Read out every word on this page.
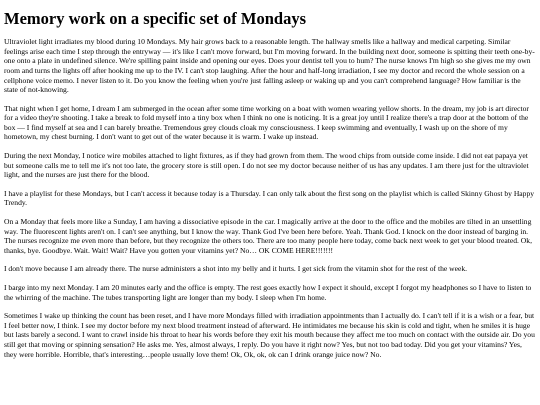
Memory work on a specific set of Mondays

Ultraviolet light irradiates my blood during 10 Mondays. My hair grows back to a reasonable length. The hallway smells like a hallway and medical carpeting. Similar feelings arise each time I step through the entryway — it's like I can't move forward, but I'm moving forward. In the building next door, someone is spitting their teeth one-by-one onto a plate in undefined silence. We're spilling paint inside and opening our eyes. Does your dentist tell you to hum? The nurse knows I'm high so she gives me my own room and turns the lights off after hooking me up to the IV. I can't stop laughing. After the hour and half-long irradiation, I see my doctor and record the whole session on a cellphone voice memo. I never listen to it. Do you know the feeling when you're just falling asleep or waking up and you can't comprehend language? How familiar is the state of not-knowing.

That night when I get home, I dream I am submerged in the ocean after some time working on a boat with women wearing yellow shorts. In the dream, my job is art director for a video they're shooting. I take a break to fold myself into a tiny box when I think no one is noticing. It is a great joy until I realize there's a trap door at the bottom of the box — I find myself at sea and I can barely breathe. Tremendous grey clouds cloak my consciousness. I keep swimming and eventually, I wash up on the shore of my hometown, my chest burning. I don't want to get out of the water because it is warm. I wake up instead.

During the next Monday, I notice wire mobiles attached to light fixtures, as if they had grown from them. The wood chips from outside come inside. I did not eat papaya yet but someone calls me to tell me it's not too late, the grocery store is still open. I do not see my doctor because neither of us has any updates. I am there just for the ultraviolet light, and the nurses are just there for the blood.

I have a playlist for these Mondays, but I can't access it because today is a Thursday. I can only talk about the first song on the playlist which is called Skinny Ghost by Happy Trendy.

On a Monday that feels more like a Sunday, I am having a dissociative episode in the car. I magically arrive at the door to the office and the mobiles are tilted in an unsettling way. The fluorescent lights aren't on. I can't see anything, but I know the way. Thank God I've been here before. Yeah. Thank God. I knock on the door instead of barging in. The nurses recognize me even more than before, but they recognize the others too. There are too many people here today, come back next week to get your blood treated. Ok, thanks, bye. Goodbye. Wait. Wait! Wait? Have you gotten your vitamins yet? No… OK COME HERE!!!!!!!

I don't move because I am already there. The nurse administers a shot into my belly and it hurts. I get sick from the vitamin shot for the rest of the week.

I barge into my next Monday. I am 20 minutes early and the office is empty. The rest goes exactly how I expect it should, except I forgot my headphones so I have to listen to the whirring of the machine. The tubes transporting light are longer than my body. I sleep when I'm home.

Sometimes I wake up thinking the count has been reset, and I have more Mondays filled with irradiation appointments than I actually do. I can't tell if it is a wish or a fear, but I feel better now, I think. I see my doctor before my next blood treatment instead of afterward. He intimidates me because his skin is cold and tight, when he smiles it is huge but lasts barely a second. I want to crawl inside his throat to hear his words before they exit his mouth because they affect me too much on contact with the outside air. Do you still get that moving or spinning sensation? He asks me. Yes, almost always, I reply. Do you have it right now? Yes, but not too bad today. Did you get your vitamins? Yes, they were horrible. Horrible, that's interesting…people usually love them! Ok, Ok, ok, ok can I drink orange juice now? No.
